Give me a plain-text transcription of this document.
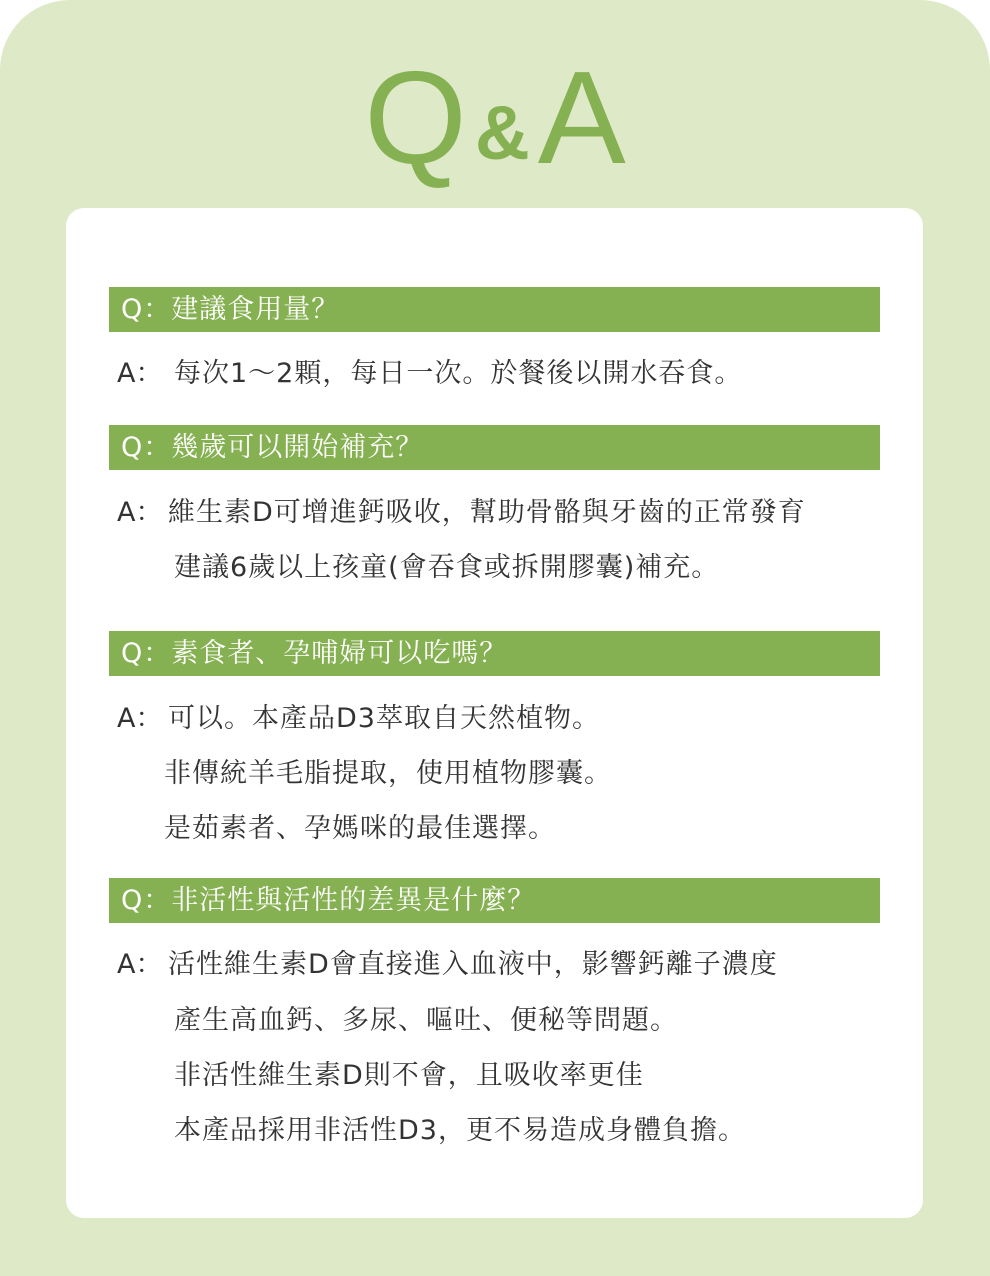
Q &A
Q：建議食用量？
A： 每次1～2顆，每日一次。於餐後以開水吞食。
Q：幾歲可以開始補充？
A： 維生素D可增進鈣吸收，幫助骨骼與牙齒的正常發育
建議6歲以上孩童(會吞食或拆開膠囊)補充。
Q：素食者、孕哺婦可以吃嗎？
A： 可以。本產品D3萃取自天然植物。
非傳統羊毛脂提取，使用植物膠囊。
是茹素者、孕媽咪的最佳選擇。
Q：非活性與活性的差異是什麼？
A： 活性維生素D會直接進入血液中，影響鈣離子濃度
產生高血鈣、多尿、嘔吐、便秘等問題。
非活性維生素D則不會，且吸收率更佳
本產品採用非活性D3，更不易造成身體負擔。
